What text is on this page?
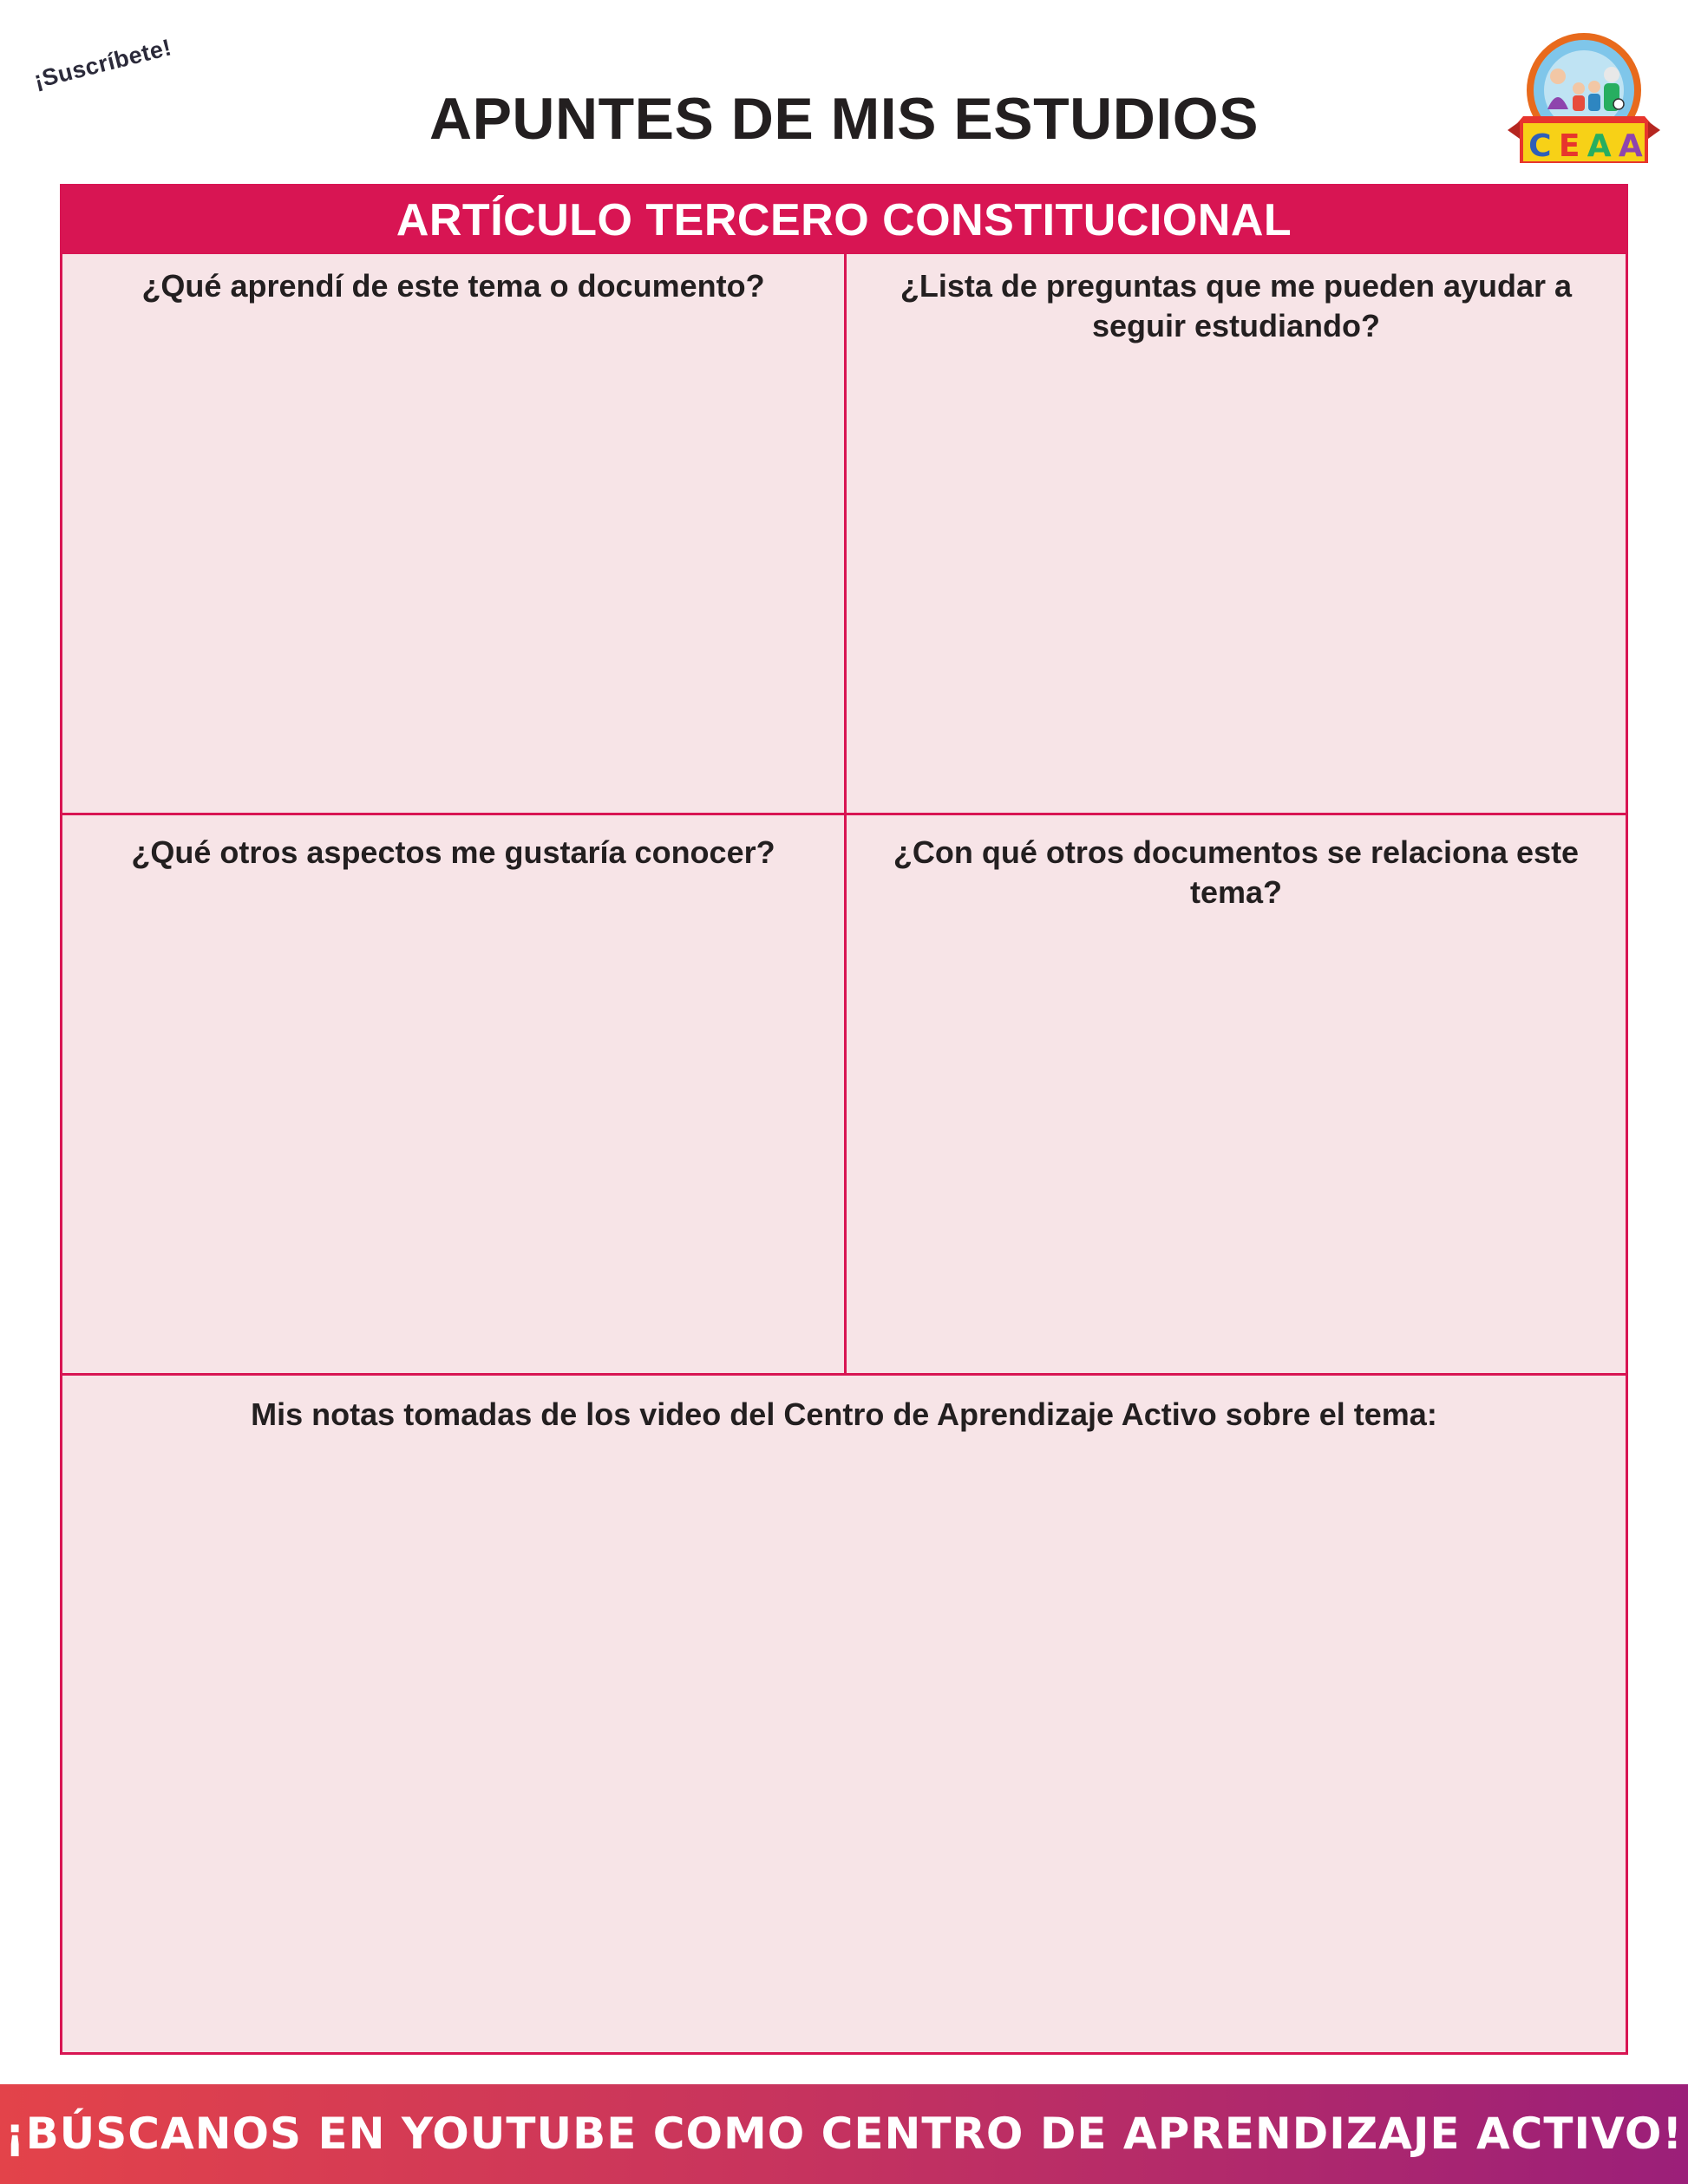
¡Suscríbete!
APUNTES DE MIS ESTUDIOS	C E A A
ARTÍCULO TERCERO CONSTITUCIONAL

¿Qué aprendí de este tema o documento?	¿Lista de preguntas que me pueden ayudar a seguir estudiando?

¿Qué otros aspectos me gustaría conocer?	¿Con qué otros documentos se relaciona este tema?

Mis notas tomadas de los video del Centro de Aprendizaje Activo sobre el tema:

¡BÚSCANOS EN YOUTUBE COMO CENTRO DE APRENDIZAJE ACTIVO!
